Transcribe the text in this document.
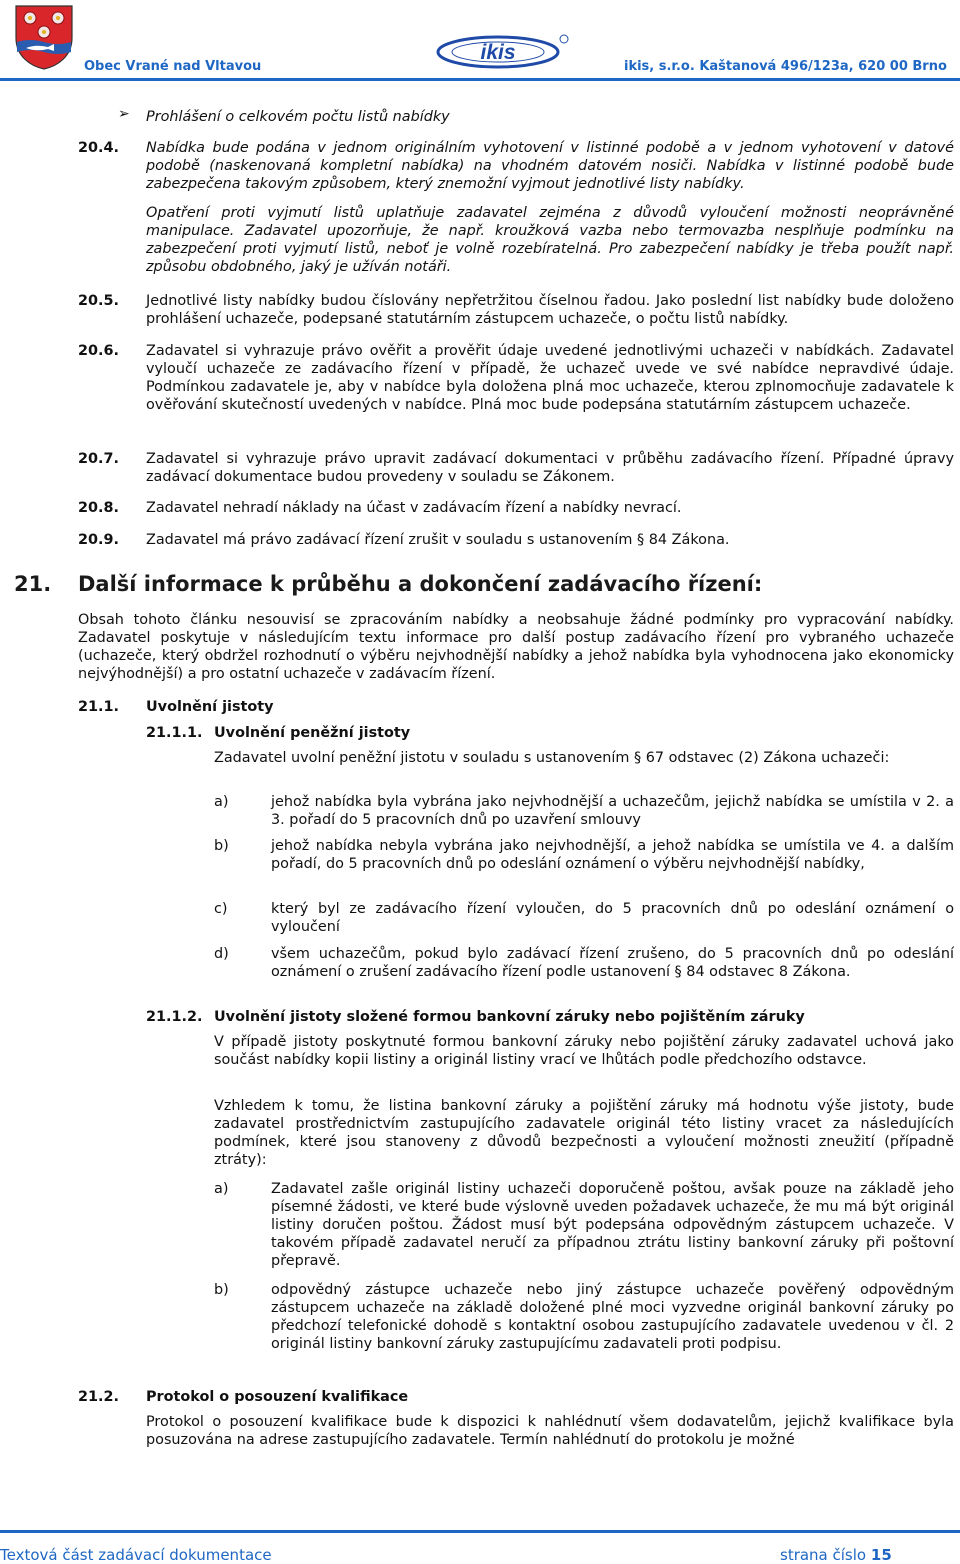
ikis
Obec Vrané nad Vltavou	ikis, s.r.o. Kaštanová 496/123a, 620 00 Brno
➢ Prohlášení o celkovém počtu listů nabídky
20.4. Nabídka bude podána v jednom originálním vyhotovení v listinné podobě a v jednom vyhotovení v datové podobě (naskenovaná kompletní nabídka) na vhodném datovém nosiči. Nabídka v listinné podobě bude zabezpečena takovým způsobem, který znemožní vyjmout jednotlivé listy nabídky.
Opatření proti vyjmutí listů uplatňuje zadavatel zejména z důvodů vyloučení možnosti neoprávněné manipulace. Zadavatel upozorňuje, že např. kroužková vazba nebo termovazba nesplňuje podmínku na zabezpečení proti vyjmutí listů, neboť je volně rozebíratelná. Pro zabezpečení nabídky je třeba použít např. způsobu obdobného, jaký je užíván notáři.
20.5. Jednotlivé listy nabídky budou číslovány nepřetržitou číselnou řadou. Jako poslední list nabídky bude doloženo prohlášení uchazeče, podepsané statutárním zástupcem uchazeče, o počtu listů nabídky.
20.6. Zadavatel si vyhrazuje právo ověřit a prověřit údaje uvedené jednotlivými uchazeči v nabídkách. Zadavatel vyloučí uchazeče ze zadávacího řízení v případě, že uchazeč uvede ve své nabídce nepravdivé údaje. Podmínkou zadavatele je, aby v nabídce byla doložena plná moc uchazeče, kterou zplnomocňuje zadavatele k ověřování skutečností uvedených v nabídce. Plná moc bude podepsána statutárním zástupcem uchazeče.
20.7. Zadavatel si vyhrazuje právo upravit zadávací dokumentaci v průběhu zadávacího řízení. Případné úpravy zadávací dokumentace budou provedeny v souladu se Zákonem.
20.8. Zadavatel nehradí náklady na účast v zadávacím řízení a nabídky nevrací.
20.9. Zadavatel má právo zadávací řízení zrušit v souladu s ustanovením § 84 Zákona.
21. Další informace k průběhu a dokončení zadávacího řízení:
Obsah tohoto článku nesouvisí se zpracováním nabídky a neobsahuje žádné podmínky pro vypracování nabídky. Zadavatel poskytuje v následujícím textu informace pro další postup zadávacího řízení pro vybraného uchazeče (uchazeče, který obdržel rozhodnutí o výběru nejvhodnější nabídky a jehož nabídka byla vyhodnocena jako ekonomicky nejvýhodnější) a pro ostatní uchazeče v zadávacím řízení.
21.1. Uvolnění jistoty
21.1.1. Uvolnění peněžní jistoty
Zadavatel uvolní peněžní jistotu v souladu s ustanovením § 67 odstavec (2) Zákona uchazeči:
a)	jehož nabídka byla vybrána jako nejvhodnější a uchazečům, jejichž nabídka se umístila v 2. a 3. pořadí do 5 pracovních dnů po uzavření smlouvy
b)	jehož nabídka nebyla vybrána jako nejvhodnější, a jehož nabídka se umístila ve 4. a dalším pořadí, do 5 pracovních dnů po odeslání oznámení o výběru nejvhodnější nabídky,
c)	který byl ze zadávacího řízení vyloučen, do 5 pracovních dnů po odeslání oznámení o vyloučení
d)	všem uchazečům, pokud bylo zadávací řízení zrušeno, do 5 pracovních dnů po odeslání oznámení o zrušení zadávacího řízení podle ustanovení § 84 odstavec 8 Zákona.
21.1.2. Uvolnění jistoty složené formou bankovní záruky nebo pojištěním záruky
V případě jistoty poskytnuté formou bankovní záruky nebo pojištění záruky zadavatel uchová jako součást nabídky kopii listiny a originál listiny vrací ve lhůtách podle předchozího odstavce.
Vzhledem k tomu, že listina bankovní záruky a pojištění záruky má hodnotu výše jistoty, bude zadavatel prostřednictvím zastupujícího zadavatele originál této listiny vracet za následujících podmínek, které jsou stanoveny z důvodů bezpečnosti a vyloučení možnosti zneužití (případně ztráty):
a)	Zadavatel zašle originál listiny uchazeči doporučeně poštou, avšak pouze na základě jeho písemné žádosti, ve které bude výslovně uveden požadavek uchazeče, že mu má být originál listiny doručen poštou. Žádost musí být podepsána odpovědným zástupcem uchazeče. V takovém případě zadavatel neručí za případnou ztrátu listiny bankovní záruky při poštovní přepravě.
b)	odpovědný zástupce uchazeče nebo jiný zástupce uchazeče pověřený odpovědným zástupcem uchazeče na základě doložené plné moci vyzvedne originál bankovní záruky po předchozí telefonické dohodě s kontaktní osobou zastupujícího zadavatele uvedenou v čl. 2 originál listiny bankovní záruky zastupujícímu zadavateli proti podpisu.
21.2. Protokol o posouzení kvalifikace
Protokol o posouzení kvalifikace bude k dispozici k nahlédnutí všem dodavatelům, jejichž kvalifikace byla posuzována na adrese zastupujícího zadavatele. Termín nahlédnutí do protokolu je možné
Textová část zadávací dokumentace	strana číslo 15
